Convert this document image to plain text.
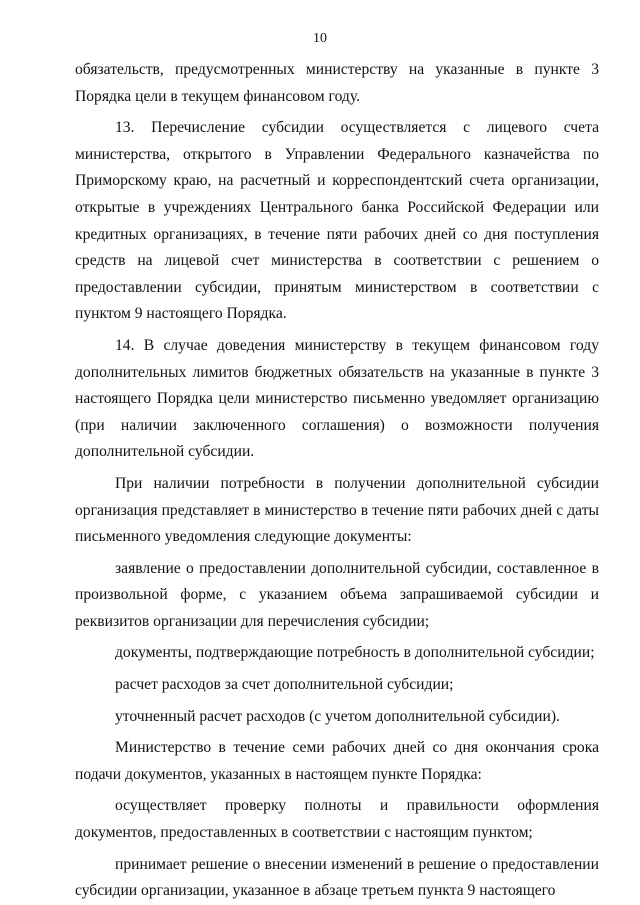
10

обязательств, предусмотренных министерству на указанные в пункте 3 Порядка цели в текущем финансовом году.

13. Перечисление субсидии осуществляется с лицевого счета министерства, открытого в Управлении Федерального казначейства по Приморскому краю, на расчетный и корреспондентский счета организации, открытые в учреждениях Центрального банка Российской Федерации или кредитных организациях, в течение пяти рабочих дней со дня поступления средств на лицевой счет министерства в соответствии с решением о предоставлении субсидии, принятым министерством в соответствии с пунктом 9 настоящего Порядка.

14. В случае доведения министерству в текущем финансовом году дополнительных лимитов бюджетных обязательств на указанные в пункте 3 настоящего Порядка цели министерство письменно уведомляет организацию (при наличии заключенного соглашения) о возможности получения дополнительной субсидии.

При наличии потребности в получении дополнительной субсидии организация представляет в министерство в течение пяти рабочих дней с даты письменного уведомления следующие документы:

заявление о предоставлении дополнительной субсидии, составленное в произвольной форме, с указанием объема запрашиваемой субсидии и реквизитов организации для перечисления субсидии;

документы, подтверждающие потребность в дополнительной субсидии;

расчет расходов за счет дополнительной субсидии;

уточненный расчет расходов (с учетом дополнительной субсидии).

Министерство в течение семи рабочих дней со дня окончания срока подачи документов, указанных в настоящем пункте Порядка:

осуществляет проверку полноты и правильности оформления документов, предоставленных в соответствии с настоящим пунктом;

принимает решение о внесении изменений в решение о предоставлении субсидии организации, указанное в абзаце третьем пункта 9 настоящего
